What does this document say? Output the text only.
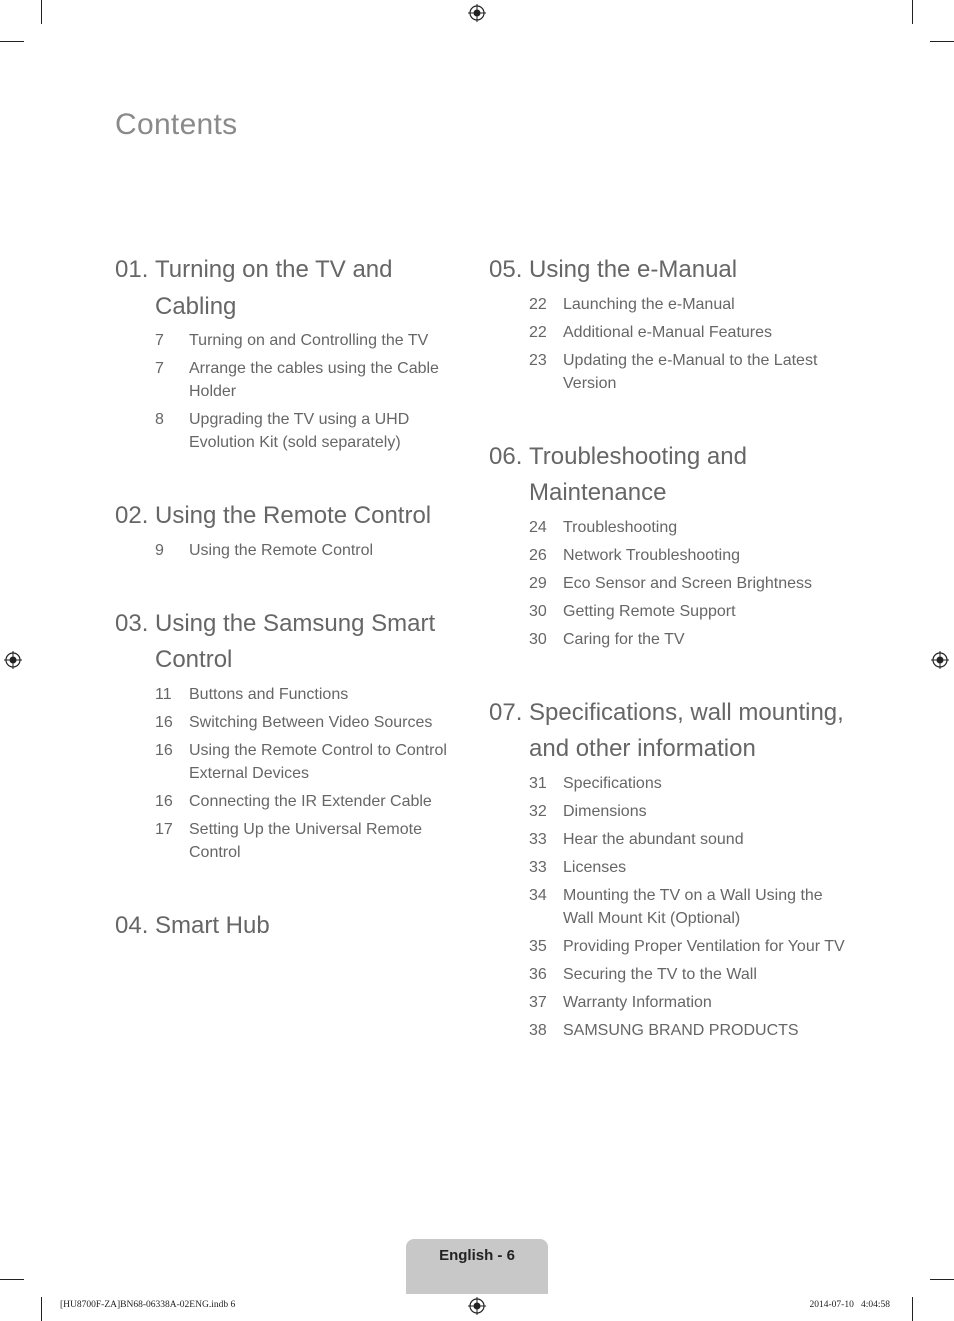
Contents
01. Turning on the TV and Cabling
7	Turning on and Controlling the TV
7	Arrange the cables using the Cable Holder
8	Upgrading the TV using a UHD Evolution Kit (sold separately)
02. Using the Remote Control
9	Using the Remote Control
03. Using the Samsung Smart Control
11	Buttons and Functions
16	Switching Between Video Sources
16	Using the Remote Control to Control External Devices
16	Connecting the IR Extender Cable
17	Setting Up the Universal Remote Control
04. Smart Hub
05. Using the e-Manual
22	Launching the e-Manual
22	Additional e-Manual Features
23	Updating the e-Manual to the Latest Version
06. Troubleshooting and Maintenance
24	Troubleshooting
26	Network Troubleshooting
29	Eco Sensor and Screen Brightness
30	Getting Remote Support
30	Caring for the TV
07. Specifications, wall mounting, and other information
31	Specifications
32	Dimensions
33	Hear the abundant sound
33	Licenses
34	Mounting the TV on a Wall Using the Wall Mount Kit (Optional)
35	Providing Proper Ventilation for Your TV
36	Securing the TV to the Wall
37	Warranty Information
38	SAMSUNG BRAND PRODUCTS
English - 6
[HU8700F-ZA]BN68-06338A-02ENG.indb 6	2014-07-10   4:04:58
